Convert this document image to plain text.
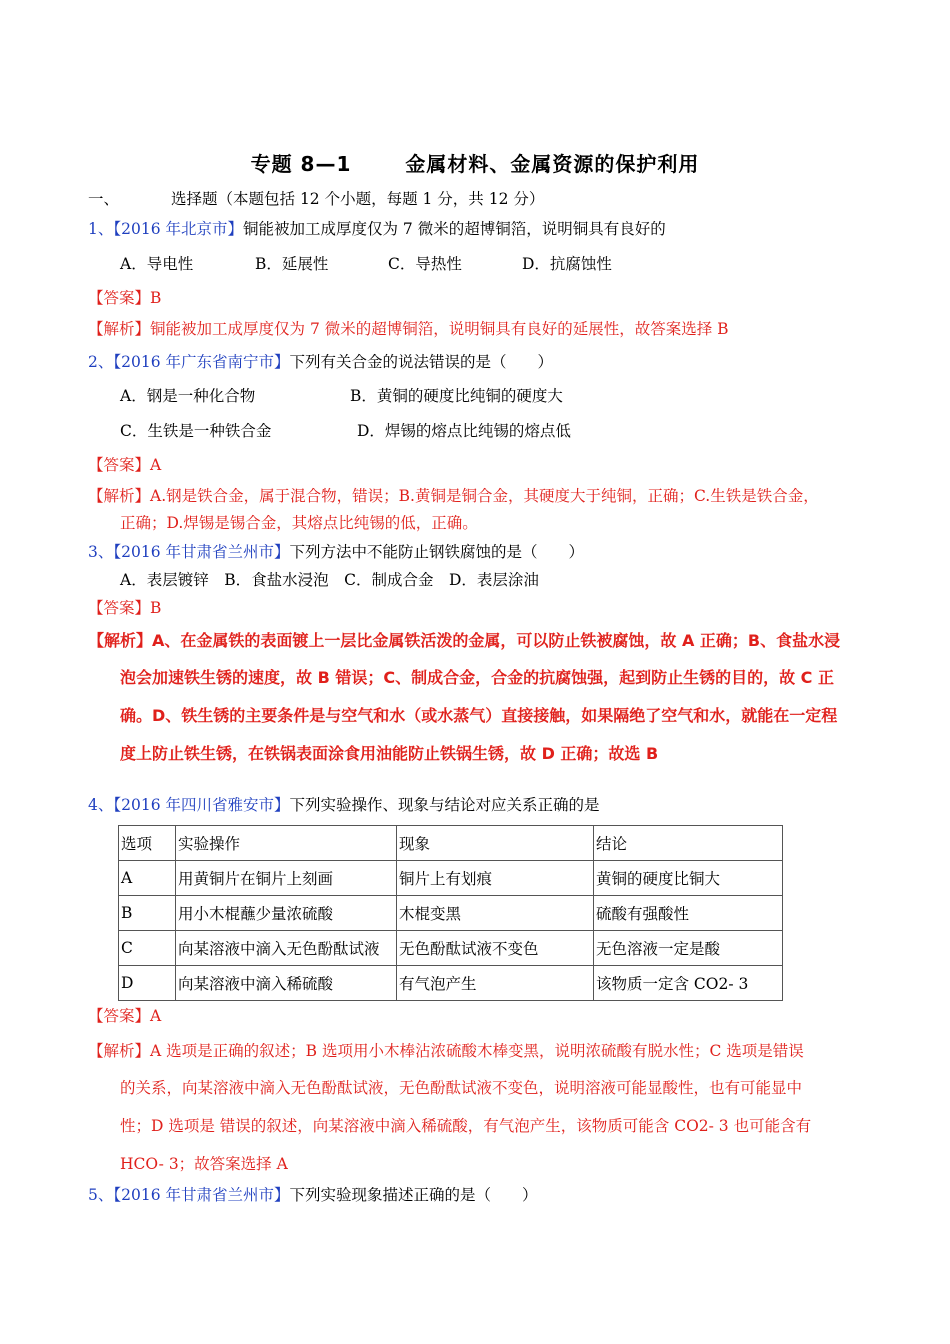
专题 8—1	金属材料、金属资源的保护利用
一、	选择题（本题包括 12 个小题，每题 1 分，共 12 分）
1、【2016 年北京市】铜能被加工成厚度仅为 7 微米的超博铜箔，说明铜具有良好的
A．导电性	B．延展性	C．导热性	D．抗腐蚀性
【答案】B
【解析】铜能被加工成厚度仅为 7 微米的超博铜箔，说明铜具有良好的延展性，故答案选择 B
2、【2016 年广东省南宁市】下列有关合金的说法错误的是（　　）
A．钢是一种化合物	B．黄铜的硬度比纯铜的硬度大
C．生铁是一种铁合金	D．焊锡的熔点比纯锡的熔点低
【答案】A
【解析】A.钢是铁合金，属于混合物，错误；B.黄铜是铜合金，其硬度大于纯铜，正确；C.生铁是铁合金，
正确；D.焊锡是锡合金，其熔点比纯锡的低，正确。
3、【2016 年甘肃省兰州市】下列方法中不能防止钢铁腐蚀的是（　　）
A．表层镀锌　B．食盐水浸泡　C．制成合金　D．表层涂油
【答案】B
【解析】A、在金属铁的表面镀上一层比金属铁活泼的金属，可以防止铁被腐蚀，故 A 正确；B、食盐水浸
泡会加速铁生锈的速度，故 B 错误；C、制成合金，合金的抗腐蚀强，起到防止生锈的目的，故 C 正
确。D、铁生锈的主要条件是与空气和水（或水蒸气）直接接触，如果隔绝了空气和水，就能在一定程
度上防止铁生锈，在铁锅表面涂食用油能防止铁锅生锈，故 D 正确；故选 B
4、【2016 年四川省雅安市】下列实验操作、现象与结论对应关系正确的是
选项	实验操作	现象	结论
A	用黄铜片在铜片上刻画	铜片上有划痕	黄铜的硬度比铜大
B	用小木棍蘸少量浓硫酸	木棍变黑	硫酸有强酸性
C	向某溶液中滴入无色酚酞试液	无色酚酞试液不变色	无色溶液一定是酸
D	向某溶液中滴入稀硫酸	有气泡产生	该物质一定含 CO2- 3
【答案】A
【解析】A 选项是正确的叙述；B 选项用小木棒沾浓硫酸木棒变黑，说明浓硫酸有脱水性；C 选项是错误
的关系，向某溶液中滴入无色酚酞试液，无色酚酞试液不变色，说明溶液可能显酸性，也有可能显中
性；D 选项是 错误的叙述，向某溶液中滴入稀硫酸，有气泡产生，该物质可能含 CO2- 3 也可能含有
HCO- 3；故答案选择 A
5、【2016 年甘肃省兰州市】下列实验现象描述正确的是（　　）
